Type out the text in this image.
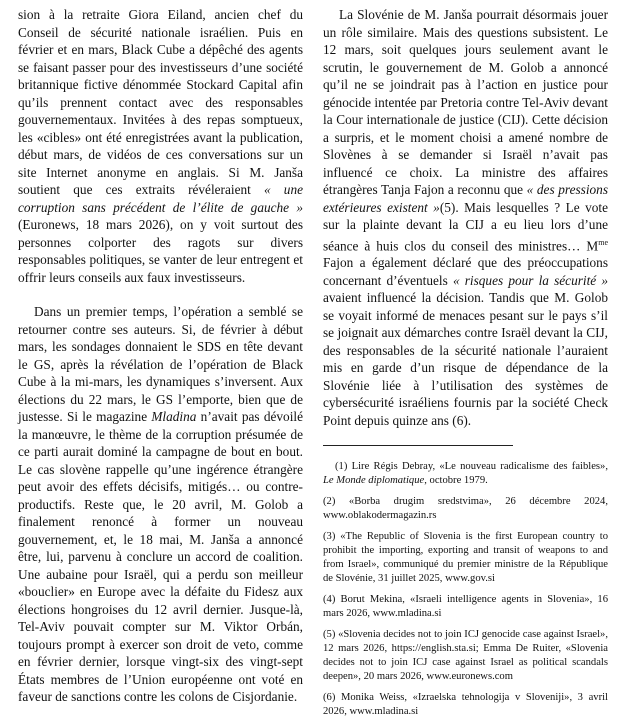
sion à la retraite Giora Eiland, ancien chef du Conseil de sécurité nationale israélien. Puis en février et en mars, Black Cube a dépêché des agents se faisant passer pour des investisseurs d’une société britannique fictive dénommée Stockard Capital afin qu’ils prennent contact avec des responsables gouvernementaux. Invitées à des repas somptueux, les «cibles» ont été enregistrées avant la publication, début mars, de vidéos de ces conversations sur un site Internet anonyme en anglais. Si M. Janša soutient que ces extraits révéleraient « une corruption sans précédent de l’élite de gauche » (Euronews, 18 mars 2026), on y voit surtout des personnes colporter des ragots sur divers responsables politiques, se vanter de leur entregent et offrir leurs conseils aux faux investisseurs.

Dans un premier temps, l’opération a semblé se retourner contre ses auteurs. Si, de février à début mars, les sondages donnaient le SDS en tête devant le GS, après la révélation de l’opération de Black Cube à la mi-mars, les dynamiques s’inversent. Aux élections du 22 mars, le GS l’emporte, bien que de justesse. Si le magazine Mladina n’avait pas dévoilé la manœuvre, le thème de la corruption présumée de ce parti aurait dominé la campagne de bout en bout. Le cas slovène rappelle qu’une ingérence étrangère peut avoir des effets décisifs, mitigés… ou contre-productifs. Reste que, le 20 avril, M. Golob a finalement renoncé à former un nouveau gouvernement, et, le 18 mai, M. Janša a annoncé être, lui, parvenu à conclure un accord de coalition. Une aubaine pour Israël, qui a perdu son meilleur «bouclier» en Europe avec la défaite du Fidesz aux élections hongroises du 12 avril dernier. Jusque-là, Tel-Aviv pouvait compter sur M. Viktor Orbán, toujours prompt à exercer son droit de veto, comme en février dernier, lorsque vingt-six des vingt-sept États membres de l’Union européenne ont voté en faveur de sanctions contre les colons de Cisjordanie.

La Slovénie de M. Janša pourrait désormais jouer un rôle similaire. Mais des questions subsistent. Le 12 mars, soit quelques jours seulement avant le scrutin, le gouvernement de M. Golob a annoncé qu’il ne se joindrait pas à l’action en justice pour génocide intentée par Pretoria contre Tel-Aviv devant la Cour internationale de justice (CIJ). Cette décision a surpris, et le moment choisi a amené nombre de Slovènes à se demander si Israël n’avait pas influencé ce choix. La ministre des affaires étrangères Tanja Fajon a reconnu que « des pressions extérieures existent »(5). Mais lesquelles ? Le vote sur la plainte devant la CIJ a eu lieu lors d’une séance à huis clos du conseil des ministres… $M^{me}$ Fajon a également déclaré que des préoccupations concernant d’éventuels « risques pour la sécurité » avaient influencé la décision. Tandis que M. Golob se voyait informé de menaces pesant sur le pays s’il se joignait aux démarches contre Israël devant la CIJ, des responsables de la sécurité nationale l’auraient mis en garde d’un risque de dépendance de la Slovénie liée à l’utilisation des systèmes de cybersécurité israéliens fournis par la société Check Point depuis quinze ans (6).

(1) Lire Régis Debray, «Le nouveau radicalisme des faibles», Le Monde diplomatique, octobre 1979.

(2) «Borba drugim sredstvima», 26 décembre 2024, www.oblakodermagazin.rs

(3) «The Republic of Slovenia is the first European country to prohibit the importing, exporting and transit of weapons to and from Israel», communiqué du premier ministre de la République de Slovénie, 31 juillet 2025, www.gov.si

(4) Borut Mekina, «Israeli intelligence agents in Slovenia», 16 mars 2026, www.mladina.si

(5) «Slovenia decides not to join ICJ genocide case against Israel», 12 mars 2026, https://english.sta.si; Emma De Ruiter, «Slovenia decides not to join ICJ case against Israel as political scandals deepen», 20 mars 2026, www.euronews.com

(6) Monika Weiss, «Izraelska tehnologija v Sloveniji», 3 avril 2026, www.mladina.si
